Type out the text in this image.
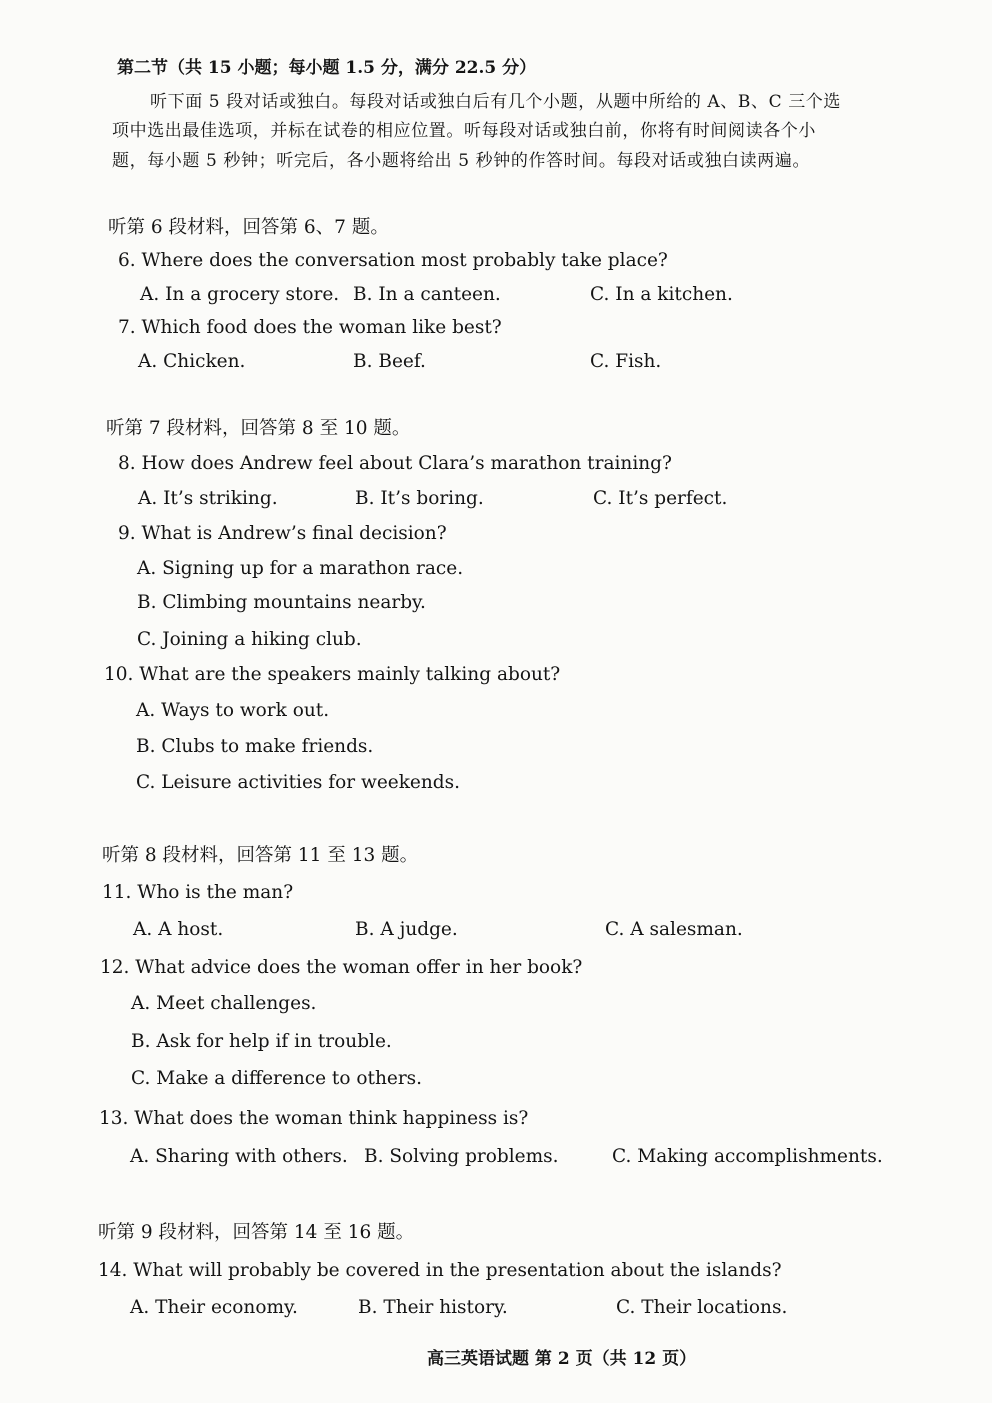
第二节（共 15 小题；每小题 1.5 分，满分 22.5 分）
听下面 5 段对话或独白。每段对话或独白后有几个小题，从题中所给的 A、B、C 三个选
项中选出最佳选项，并标在试卷的相应位置。听每段对话或独白前，你将有时间阅读各个小
题，每小题 5 秒钟；听完后，各小题将给出 5 秒钟的作答时间。每段对话或独白读两遍。
听第 6 段材料，回答第 6、7 题。
6. Where does the conversation most probably take place?
A. In a grocery store. B. In a canteen.	C. In a kitchen.
7. Which food does the woman like best?
A. Chicken.	B. Beef.	C. Fish.
听第 7 段材料，回答第 8 至 10 题。
8. How does Andrew feel about Clara’s marathon training?
A. It’s striking.	B. It’s boring.	C. It’s perfect.
9. What is Andrew’s final decision?
A. Signing up for a marathon race.
B. Climbing mountains nearby.
C. Joining a hiking club.
10. What are the speakers mainly talking about?
A. Ways to work out.
B. Clubs to make friends.
C. Leisure activities for weekends.
听第 8 段材料，回答第 11 至 13 题。
11. Who is the man?
A. A host.	B. A judge.	C. A salesman.
12. What advice does the woman offer in her book?
A. Meet challenges.
B. Ask for help if in trouble.
C. Make a difference to others.
13. What does the woman think happiness is?
A. Sharing with others. B. Solving problems.	C. Making accomplishments.
听第 9 段材料，回答第 14 至 16 题。
14. What will probably be covered in the presentation about the islands?
A. Their economy.	B. Their history.	C. Their locations.
高三英语试题 第 2 页（共 12 页）
